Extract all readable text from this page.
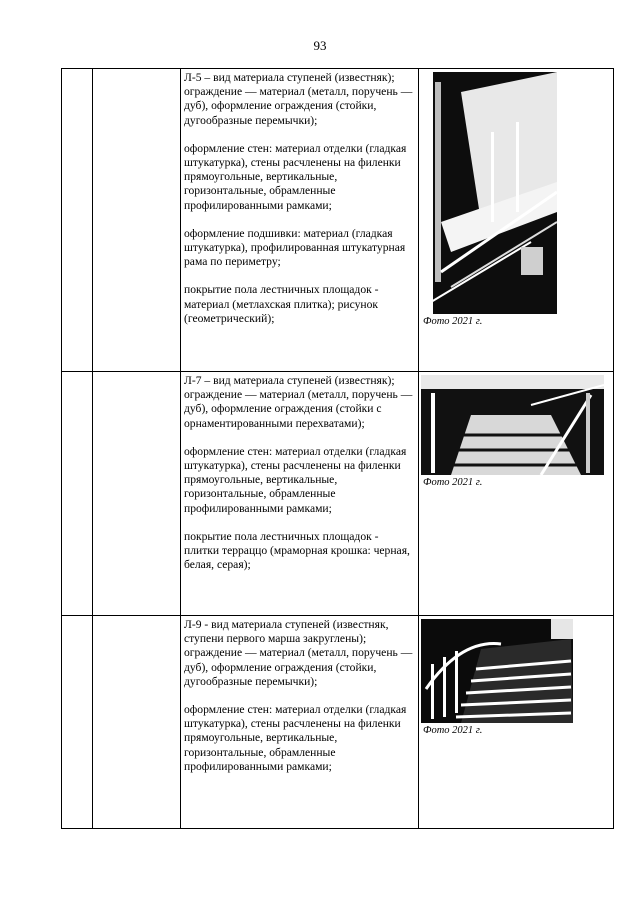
93

		Л-5 – вид материала ступеней (известняк); ограждение — материал (металл, поручень — дуб), оформление ограждения (стойки, дугообразные перемычки);

оформление стен: материал отделки (гладкая штукатурка), стены расчленены на филенки прямоугольные, вертикальные, горизонтальные, обрамленные профилированными рамками;

оформление подшивки: материал (гладкая штукатурка), профилированная штукатурная рама по периметру;

покрытие пола лестничных площадок - материал (метлахская плитка); рисунок (геометрический);	Фото 2021 г.

		Л-7 – вид материала ступеней (известняк); ограждение — материал (металл, поручень — дуб), оформление ограждения (стойки с орнаментированными перехватами);

оформление стен: материал отделки (гладкая штукатурка), стены расчленены на филенки прямоугольные, вертикальные, горизонтальные, обрамленные профилированными рамками;

покрытие пола лестничных площадок - плитки терраццо (мраморная крошка: черная, белая, серая);	Фото 2021 г.

		Л-9 - вид материала ступеней (известняк, ступени первого марша закруглены); ограждение — материал (металл, поручень — дуб), оформление ограждения (стойки, дугообразные перемычки);

оформление стен: материал отделки (гладкая штукатурка), стены расчленены на филенки прямоугольные, вертикальные, горизонтальные, обрамленные профилированными рамками;	Фото 2021 г.
